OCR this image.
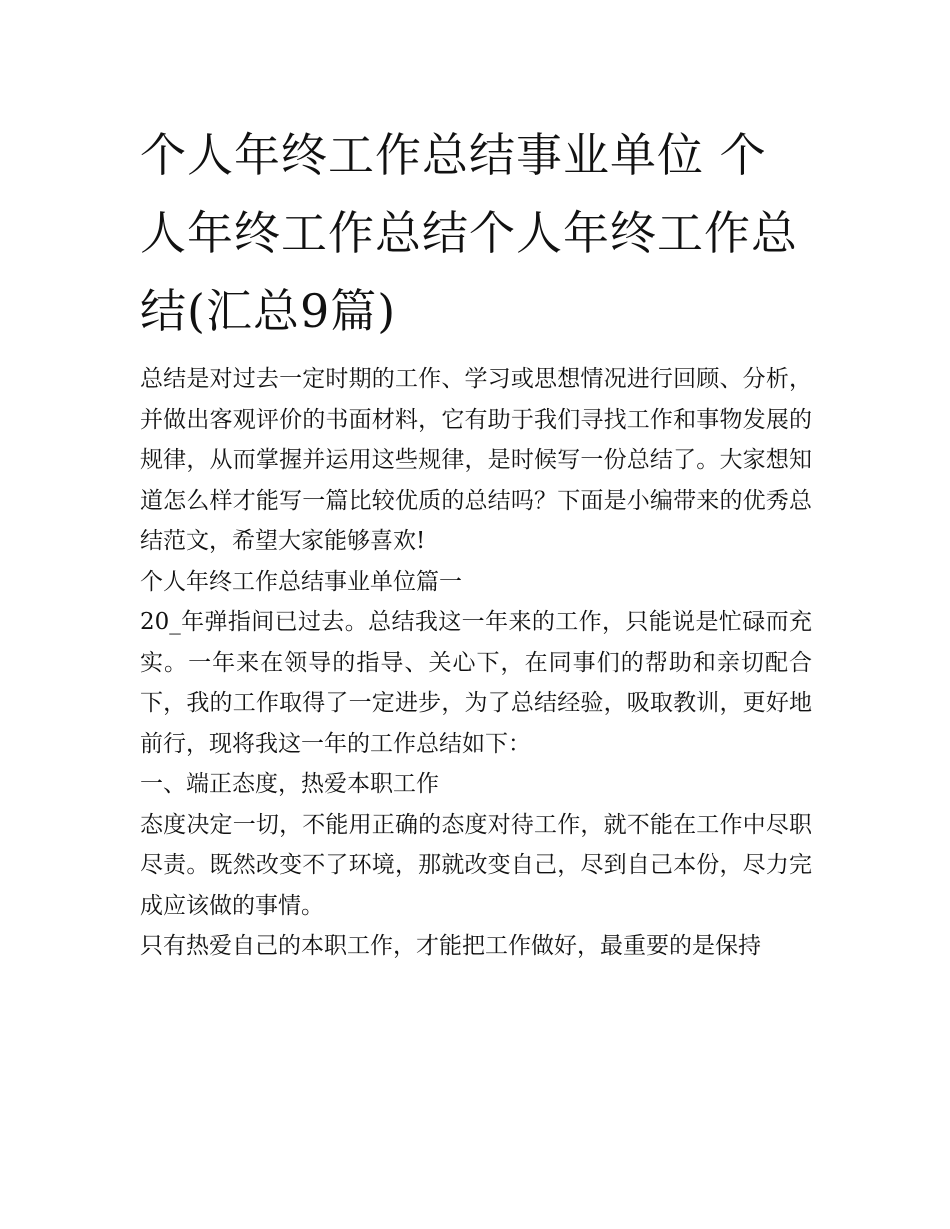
个人年终工作总结事业单位 个人年终工作总结个人年终工作总结(汇总9篇)

总结是对过去一定时期的工作、学习或思想情况进行回顾、分析，并做出客观评价的书面材料，它有助于我们寻找工作和事物发展的规律，从而掌握并运用这些规律，是时候写一份总结了。大家想知道怎么样才能写一篇比较优质的总结吗？下面是小编带来的优秀总结范文，希望大家能够喜欢!

个人年终工作总结事业单位篇一

20_年弹指间已过去。总结我这一年来的工作，只能说是忙碌而充实。一年来在领导的指导、关心下，在同事们的帮助和亲切配合下，我的工作取得了一定进步，为了总结经验，吸取教训，更好地前行，现将我这一年的工作总结如下：

一、端正态度，热爱本职工作

态度决定一切，不能用正确的态度对待工作，就不能在工作中尽职尽责。既然改变不了环境，那就改变自己，尽到自己本份，尽力完成应该做的事情。

只有热爱自己的本职工作，才能把工作做好，最重要的是保持
